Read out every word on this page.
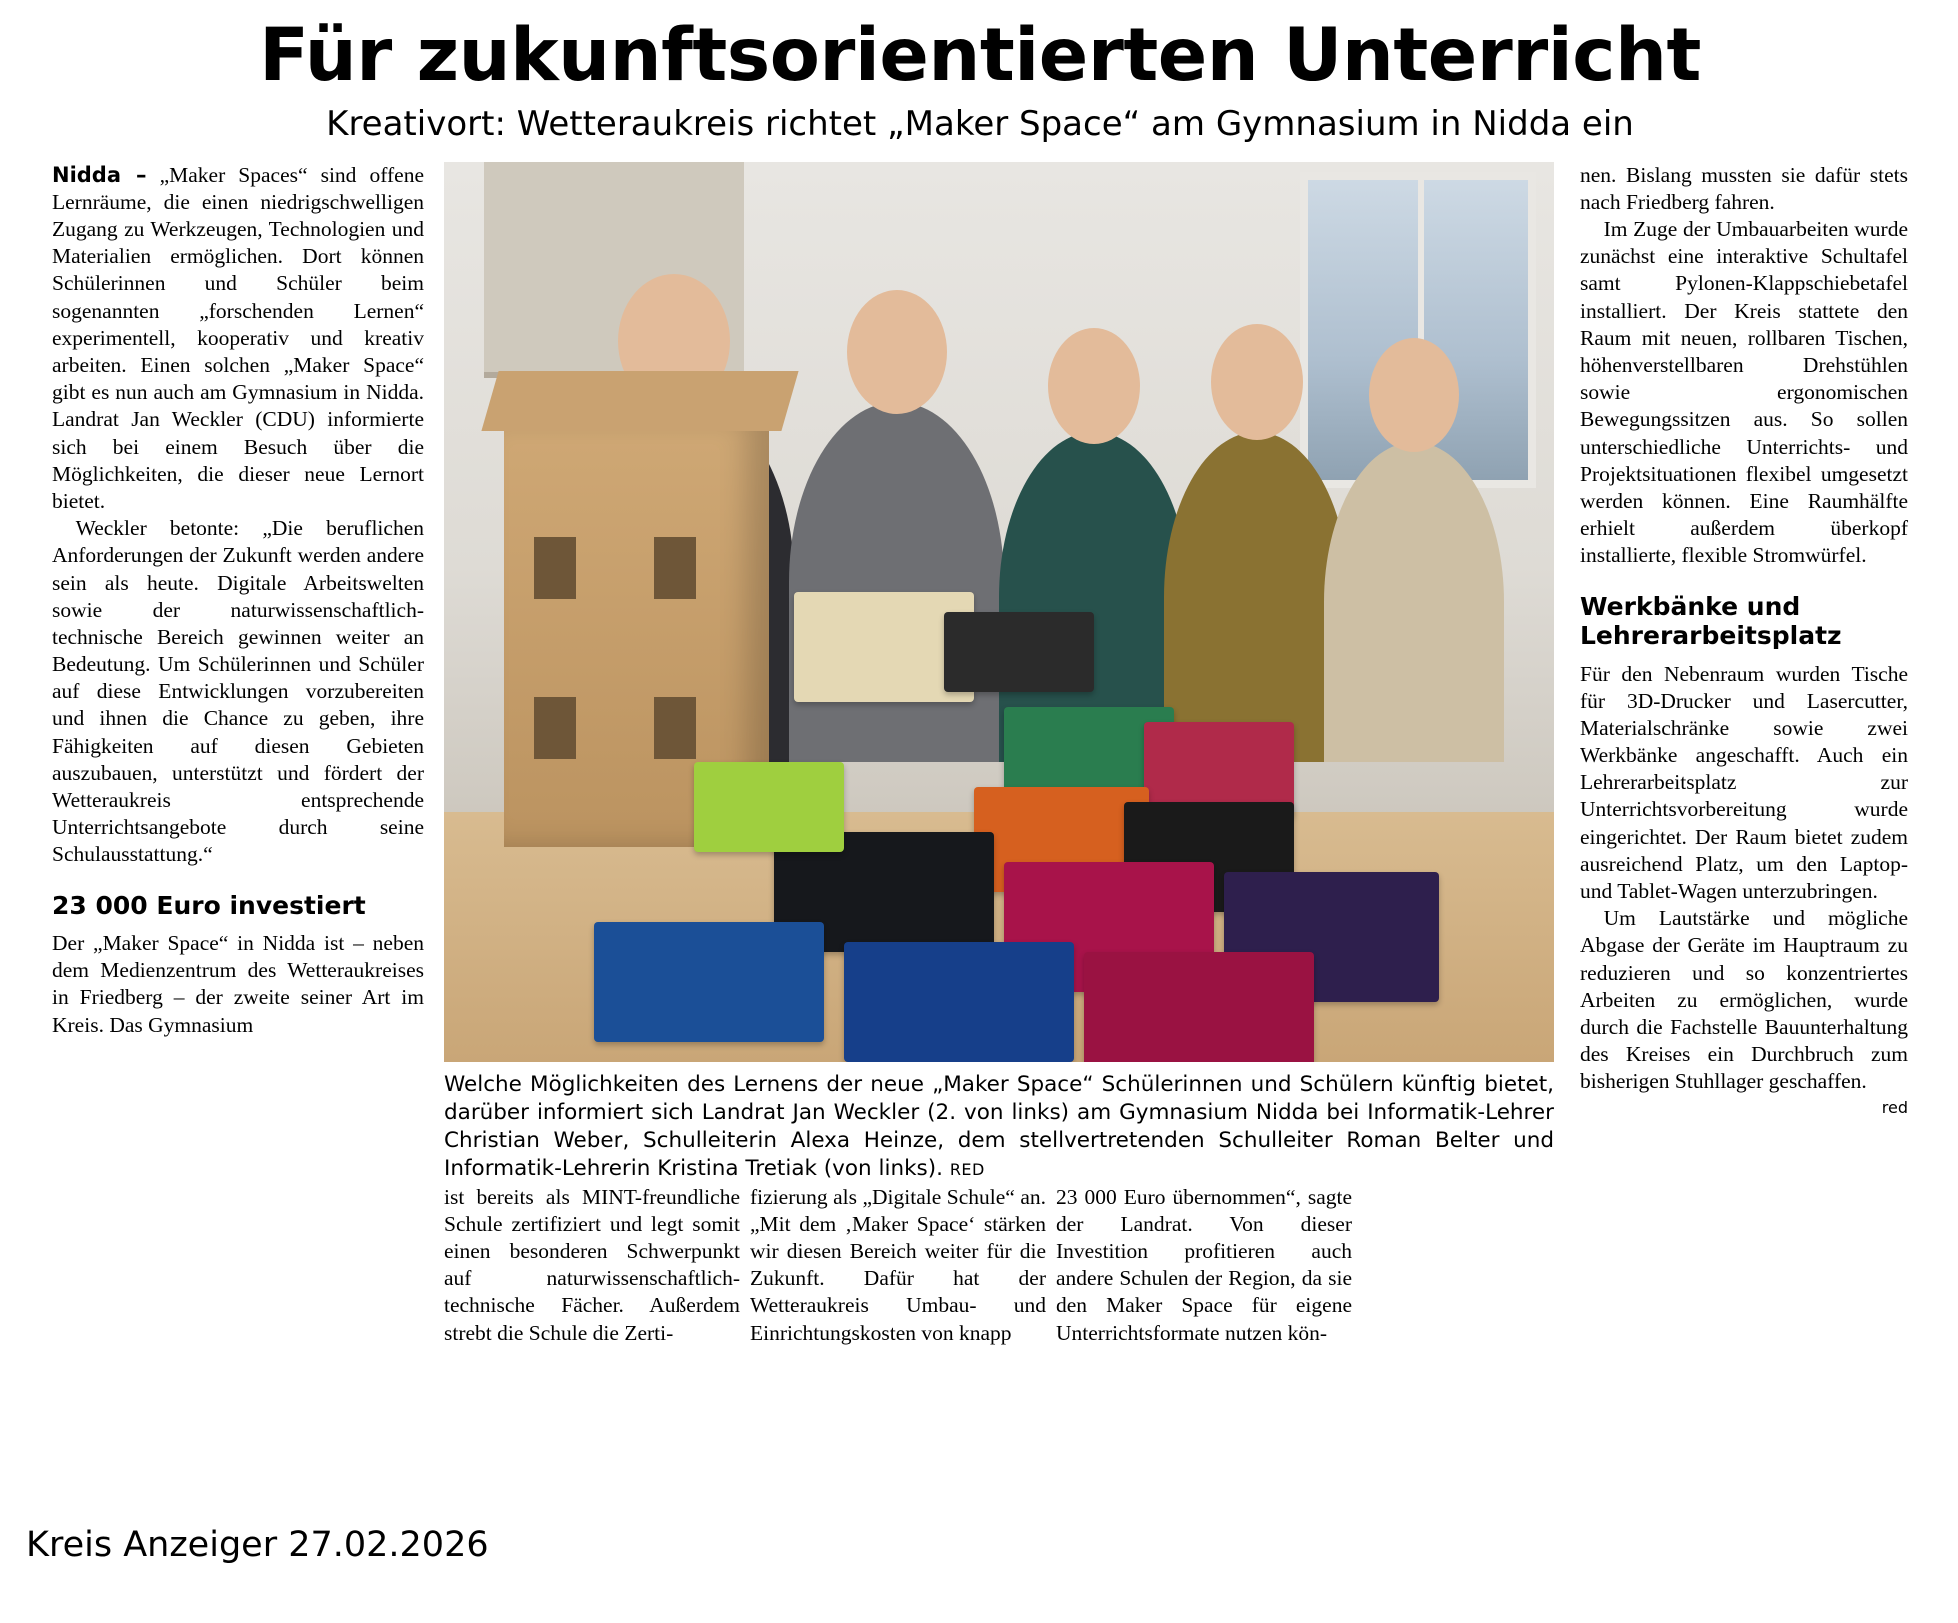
Für zukunftsorientierten Unterricht
Kreativort: Wetteraukreis richtet „Maker Space“ am Gymnasium in Nidda ein

Nidda – „Maker Spaces“ sind offene Lernräume, die einen niedrigschwelligen Zugang zu Werkzeugen, Technologien und Materialien ermöglichen. Dort können Schülerinnen und Schüler beim sogenannten „forschenden Lernen“ experimentell, kooperativ und kreativ arbeiten. Einen solchen „Maker Space“ gibt es nun auch am Gymnasium in Nidda. Landrat Jan Weckler (CDU) informierte sich bei einem Besuch über die Möglichkeiten, die dieser neue Lernort bietet.

Weckler betonte: „Die beruflichen Anforderungen der Zukunft werden andere sein als heute. Digitale Arbeitswelten sowie der naturwissenschaftlich-technische Bereich gewinnen weiter an Bedeutung. Um Schülerinnen und Schüler auf diese Entwicklungen vorzubereiten und ihnen die Chance zu geben, ihre Fähigkeiten auf diesen Gebieten auszubauen, unterstützt und fördert der Wetteraukreis entsprechende Unterrichtsangebote durch seine Schulausstattung.“

23 000 Euro investiert

Der „Maker Space“ in Nidda ist – neben dem Medienzentrum des Wetteraukreises in Friedberg – der zweite seiner Art im Kreis. Das Gymnasium

Welche Möglichkeiten des Lernens der neue „Maker Space“ Schülerinnen und Schülern künftig bietet, darüber informiert sich Landrat Jan Weckler (2. von links) am Gymnasium Nidda bei Informatik-Lehrer Christian Weber, Schulleiterin Alexa Heinze, dem stellvertretenden Schulleiter Roman Belter und Informatik-Lehrerin Kristina Tretiak (von links). RED

nen. Bislang mussten sie dafür stets nach Friedberg fahren.

Im Zuge der Umbauarbeiten wurde zunächst eine interaktive Schultafel samt Pylonen-Klappschiebetafel installiert. Der Kreis stattete den Raum mit neuen, rollbaren Tischen, höhenverstellbaren Drehstühlen sowie ergonomischen Bewegungssitzen aus. So sollen unterschiedliche Unterrichts- und Projektsituationen flexibel umgesetzt werden können. Eine Raumhälfte erhielt außerdem überkopf installierte, flexible Stromwürfel.

Werkbänke und Lehrerarbeitsplatz

Für den Nebenraum wurden Tische für 3D-Drucker und Lasercutter, Materialschränke sowie zwei Werkbänke angeschafft. Auch ein Lehrerarbeitsplatz zur Unterrichtsvorbereitung wurde eingerichtet. Der Raum bietet zudem ausreichend Platz, um den Laptop- und Tablet-Wagen unterzubringen.

Um Lautstärke und mögliche Abgase der Geräte im Hauptraum zu reduzieren und so konzentriertes Arbeiten zu ermöglichen, wurde durch die Fachstelle Bauunterhaltung des Kreises ein Durchbruch zum bisherigen Stuhllager geschaffen.

red

ist bereits als MINT-freundliche Schule zertifiziert und legt somit einen besonderen Schwerpunkt auf naturwissenschaftlich-technische Fächer. Außerdem strebt die Schule die Zerti-

fizierung als „Digitale Schule“ an. „Mit dem ‚Maker Space‘ stärken wir diesen Bereich weiter für die Zukunft. Dafür hat der Wetteraukreis Umbau- und Einrichtungskosten von knapp

23 000 Euro übernommen“, sagte der Landrat. Von dieser Investition profitieren auch andere Schulen der Region, da sie den Maker Space für eigene Unterrichtsformate nutzen kön-

Kreis Anzeiger 27.02.2026
